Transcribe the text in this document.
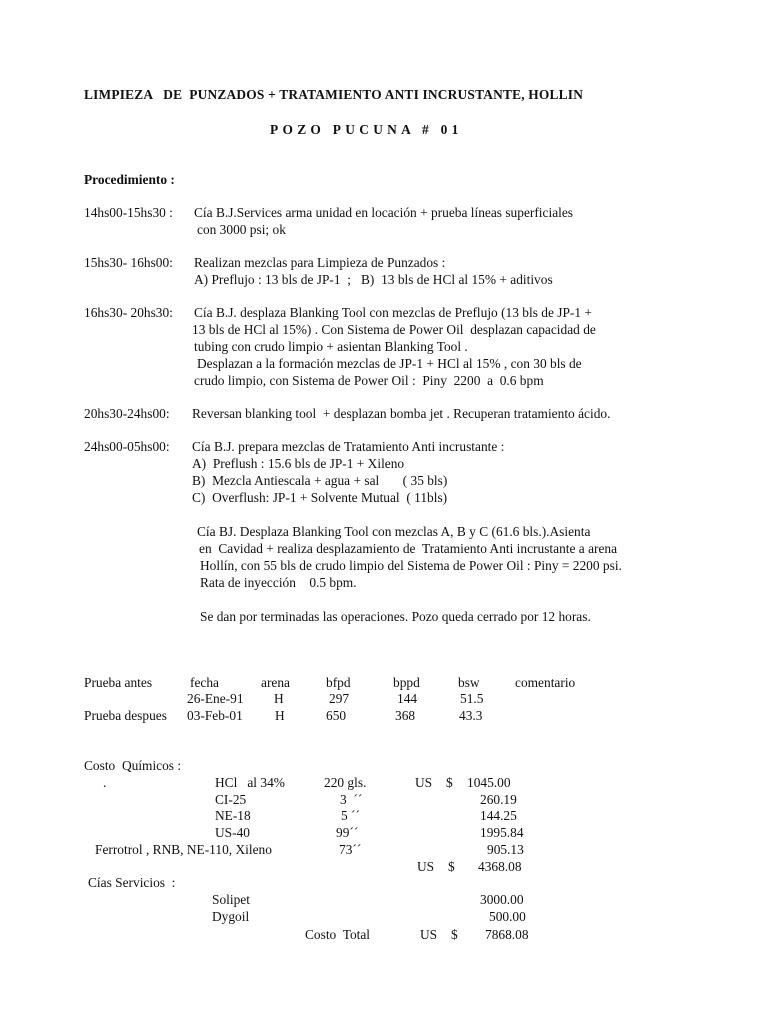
LIMPIEZA   DE  PUNZADOS + TRATAMIENTO ANTI INCRUSTANTE, HOLLIN
POZO PUCUNA # 01
Procedimiento :
14hs00-15hs30 : Cía B.J.Services arma unidad en locación + prueba líneas superficiales
con 3000 psi; ok
15hs30- 16hs00: Realizan mezclas para Limpieza de Punzados :
A) Preflujo : 13 bls de JP-1  ;   B)  13 bls de HCl al 15% + aditivos
16hs30- 20hs30: Cía B.J. desplaza Blanking Tool con mezclas de Preflujo (13 bls de JP-1 +
13 bls de HCl al 15%) . Con Sistema de Power Oil  desplazan capacidad de
tubing con crudo limpio + asientan Blanking Tool .
Desplazan a la formación mezclas de JP-1 + HCl al 15% , con 30 bls de
crudo limpio, con Sistema de Power Oil :  Piny  2200  a  0.6 bpm
20hs30-24hs00: Reversan blanking tool  + desplazan bomba jet . Recuperan tratamiento ácido.
24hs00-05hs00: Cía B.J. prepara mezclas de Tratamiento Anti incrustante :
A)  Preflush : 15.6 bls de JP-1 + Xileno
B)  Mezcla Antiescala + agua + sal       ( 35 bls)
C)  Overflush: JP-1 + Solvente Mutual  ( 11bls)
Cía BJ. Desplaza Blanking Tool con mezclas A, B y C (61.6 bls.).Asienta
en  Cavidad + realiza desplazamiento de  Tratamiento Anti incrustante a arena
Hollín, con 55 bls de crudo limpio del Sistema de Power Oil : Piny = 2200 psi.
Rata de inyección    0.5 bpm.
Se dan por terminadas las operaciones. Pozo queda cerrado por 12 horas.
Prueba antes	fecha	arena	bfpd	bppd	bsw	comentario
26-Ene-91 H	297	144	51.5
Prueba despues 03-Feb-01 H	650	368	43.3
Costo  Químicos :
.	HCl   al 34%	220 gls.	US $ 1045.00
CI-25	3  ´´	260.19
NE-18	5 ´´	144.25
US-40	99´´	1995.84
Ferrotrol , RNB, NE-110, Xileno	73´´	905.13
US $ 4368.08
Cías Servicios  :
Solipet	3000.00
Dygoil	500.00
Costo  Total	US $ 7868.08
